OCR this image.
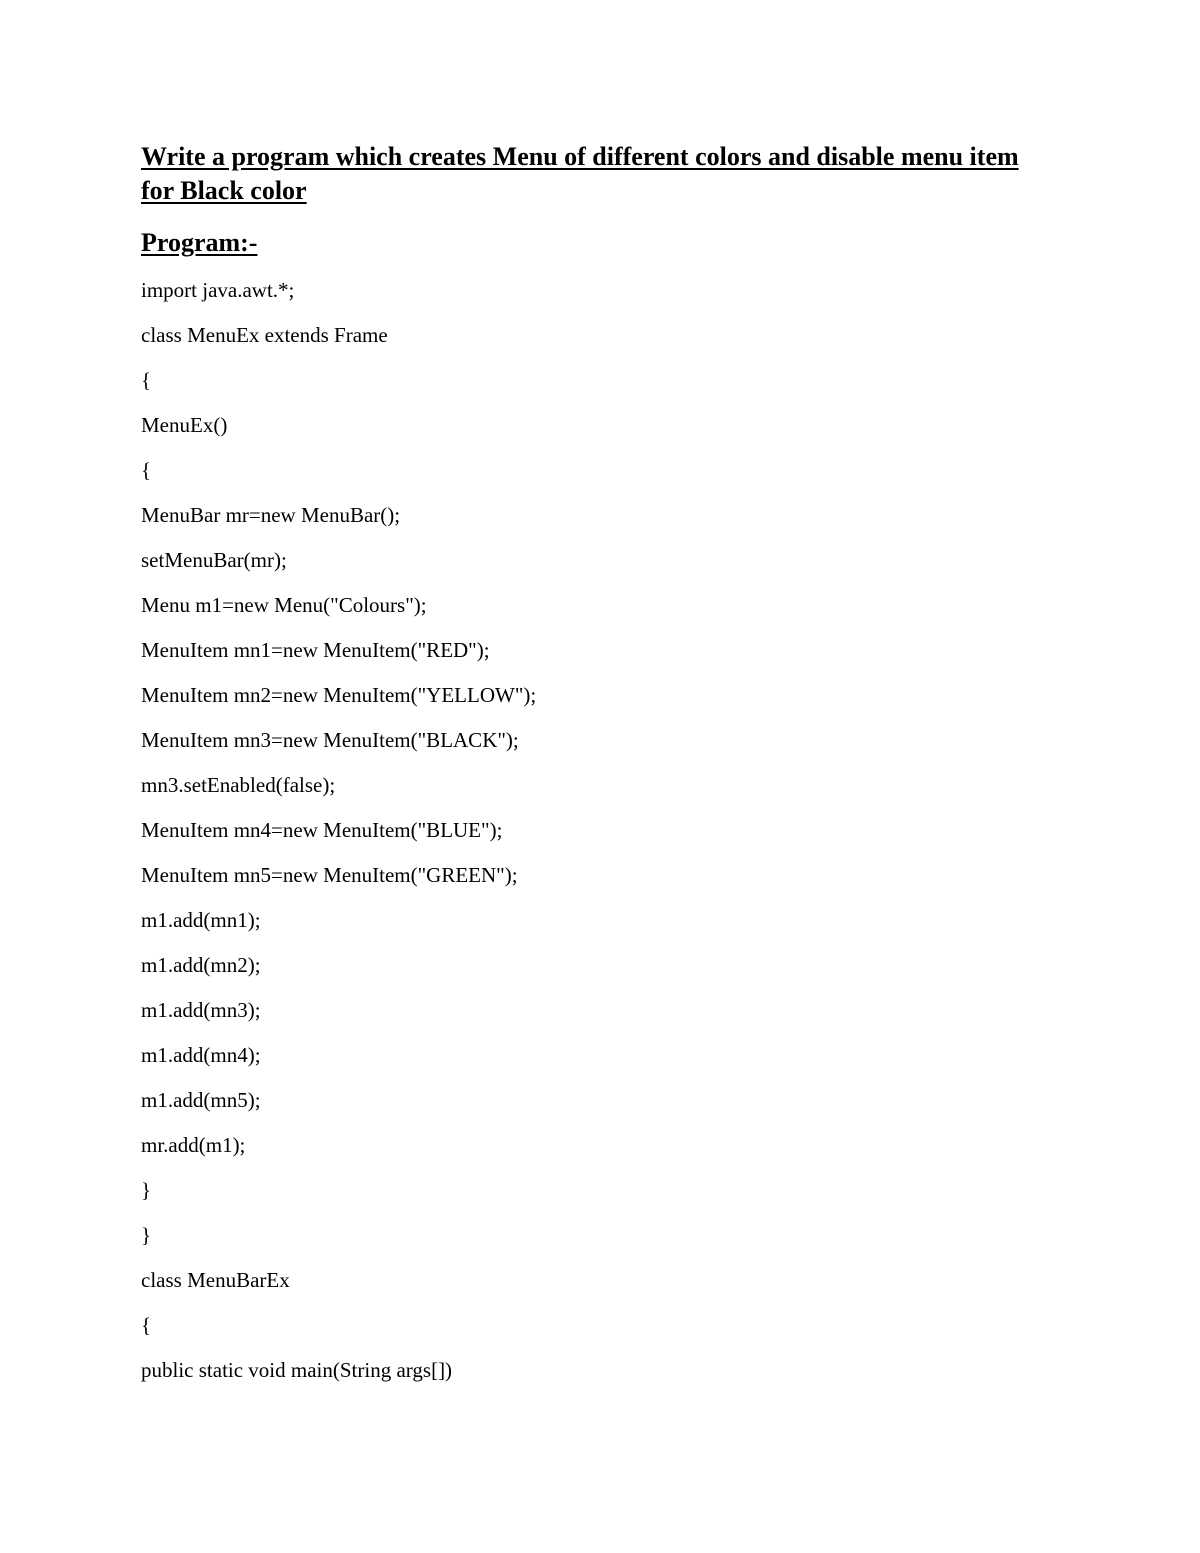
Write a program which creates Menu of different colors and disable menu item for Black color
Program:-
import java.awt.*;
class MenuEx extends Frame
{
MenuEx()
{
MenuBar mr=new MenuBar();
setMenuBar(mr);
Menu m1=new Menu("Colours");
MenuItem mn1=new MenuItem("RED");
MenuItem mn2=new MenuItem("YELLOW");
MenuItem mn3=new MenuItem("BLACK");
mn3.setEnabled(false);
MenuItem mn4=new MenuItem("BLUE");
MenuItem mn5=new MenuItem("GREEN");
m1.add(mn1);
m1.add(mn2);
m1.add(mn3);
m1.add(mn4);
m1.add(mn5);
mr.add(m1);
}
}
class MenuBarEx
{
public static void main(String args[])
